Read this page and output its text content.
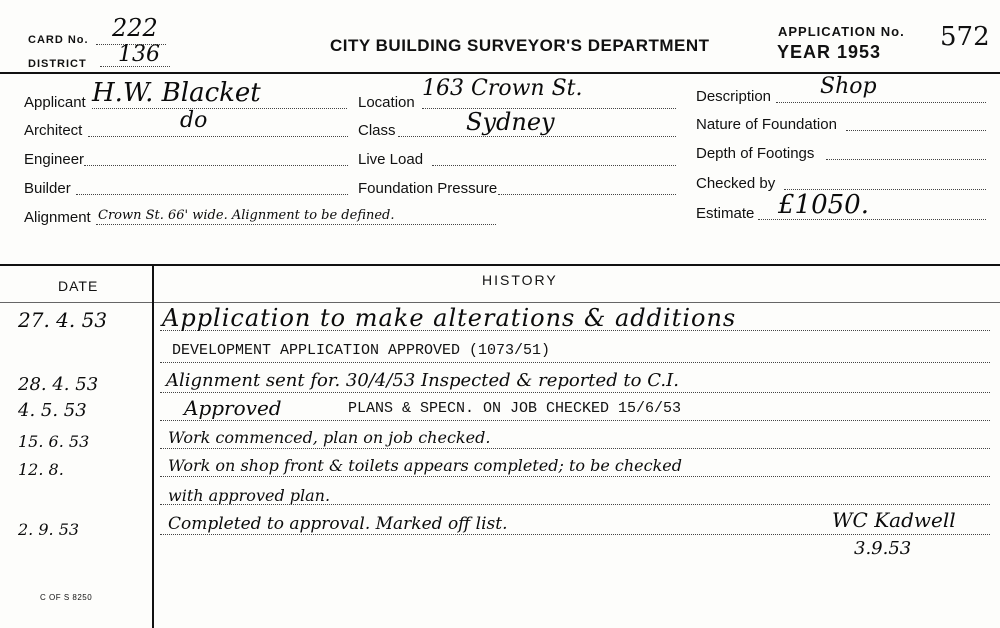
CARD No. 222
DISTRICT 136	CITY BUILDING SURVEYOR'S DEPARTMENT
APPLICATION No.
YEAR 1953 572
Applicant H.W. Blacket
Architect	do
Engineer
Builder
Alignment Crown St. 66' wide. Alignment to be defined.
Location
163 Crown St.
Class	Sydney
Live Load
Foundation Pressure
Description Shop
Nature of Foundation
Depth of Footings
Checked by
Estimate £1050.
DATE	HISTORY
27. 4. 53 Application to make alterations & additions
DEVELOPMENT APPLICATION APPROVED (1073/51)
28. 4. 53	Alignment sent for. 30/4/53 Inspected & reported to C.I.
4. 5. 53	Approved	PLANS & SPECN. ON JOB CHECKED 15/6/53
15. 6. 53	Work commenced, plan on job checked.
12. 8.	Work on shop front & toilets appears completed; to be checked
with approved plan.
2. 9. 53	Completed to approval. Marked off list.	WC Kadwell
3.9.53
C OF S 8250
